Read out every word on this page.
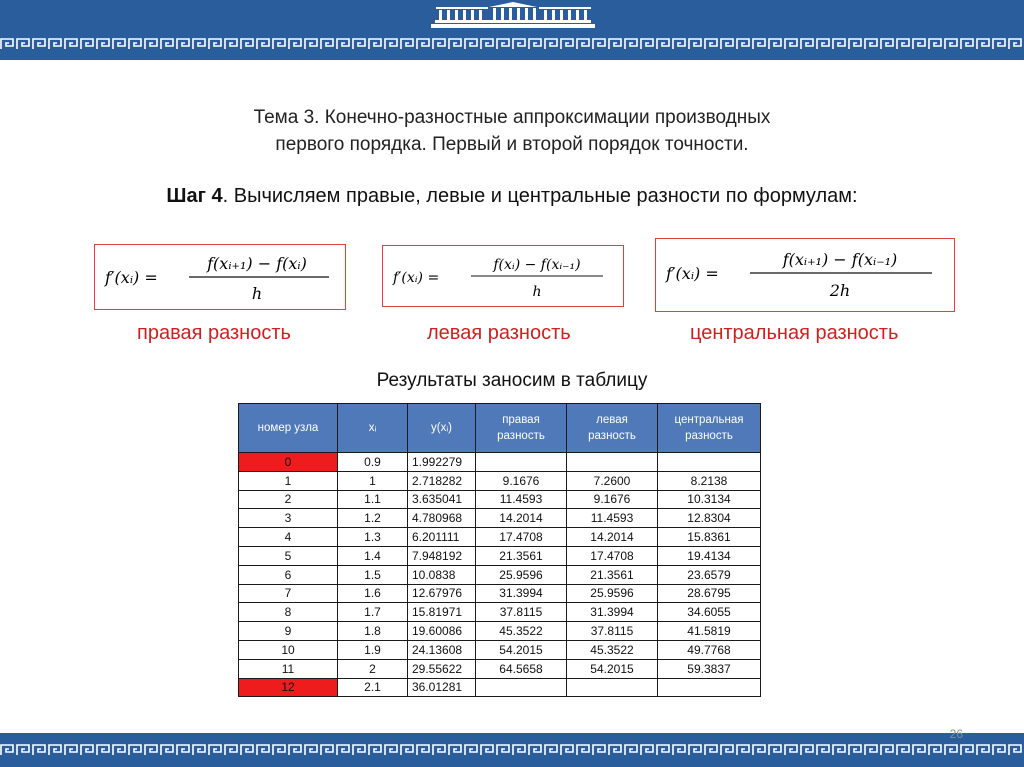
Тема 3. Конечно-разностные аппроксимации производных
первого порядка. Первый и второй порядок точности.
Шаг 4. Вычисляем правые, левые и центральные разности по формулам:
f′(xᵢ) =
f(xᵢ₊₁) − f(xᵢ)
h
f′(xᵢ) =
f(xᵢ) − f(xᵢ₋₁)
h
f′(xᵢ) =
f(xᵢ₊₁) − f(xᵢ₋₁)
2h
правая разность	левая разность	центральная разность
Результаты заносим в таблицу
номер узла	xᵢ	y(xᵢ)	правая разность	левая разность	центральная разность
0	0.9	1.992279			
1	1	2.718282	9.1676	7.2600	8.2138
2	1.1	3.635041	11.4593	9.1676	10.3134
3	1.2	4.780968	14.2014	11.4593	12.8304
4	1.3	6.201111	17.4708	14.2014	15.8361
5	1.4	7.948192	21.3561	17.4708	19.4134
6	1.5	10.0838	25.9596	21.3561	23.6579
7	1.6	12.67976	31.3994	25.9596	28.6795
8	1.7	15.81971	37.8115	31.3994	34.6055
9	1.8	19.60086	45.3522	37.8115	41.5819
10	1.9	24.13608	54.2015	45.3522	49.7768
11	2	29.55622	64.5658	54.2015	59.3837
12	2.1	36.01281			
26
